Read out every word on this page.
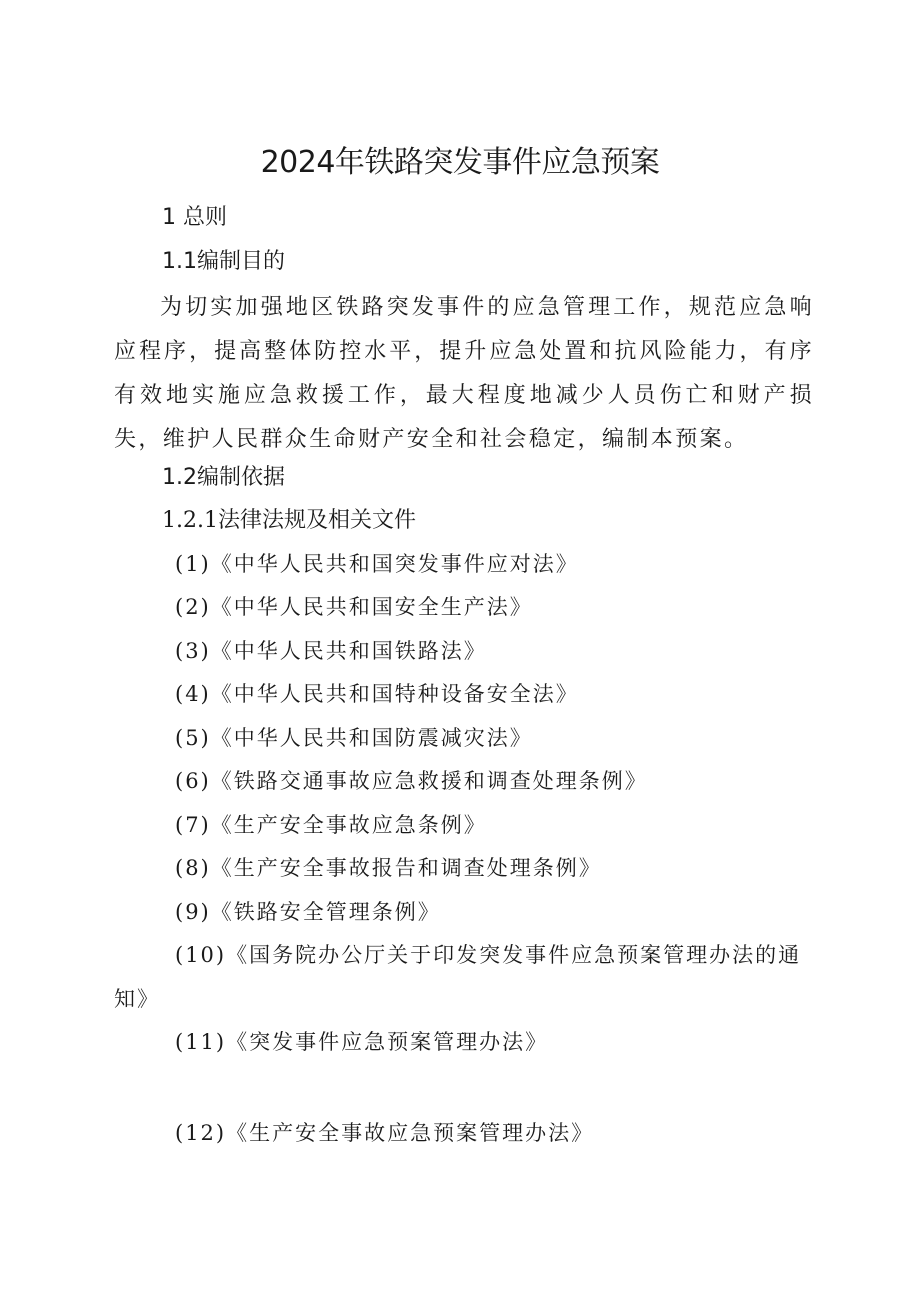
2024年铁路突发事件应急预案

1 总则

1.1编制目的

为切实加强地区铁路突发事件的应急管理工作，规范应急响应程序，提高整体防控水平，提升应急处置和抗风险能力，有序有效地实施应急救援工作，最大程度地减少人员伤亡和财产损失，维护人民群众生命财产安全和社会稳定，编制本预案。

1.2编制依据

1.2.1法律法规及相关文件

(1)《中华人民共和国突发事件应对法》
(2)《中华人民共和国安全生产法》
(3)《中华人民共和国铁路法》
(4)《中华人民共和国特种设备安全法》
(5)《中华人民共和国防震减灾法》
(6)《铁路交通事故应急救援和调查处理条例》
(7)《生产安全事故应急条例》
(8)《生产安全事故报告和调查处理条例》
(9)《铁路安全管理条例》
(10)《国务院办公厅关于印发突发事件应急预案管理办法的通
知》
(11)《突发事件应急预案管理办法》
(12)《生产安全事故应急预案管理办法》
